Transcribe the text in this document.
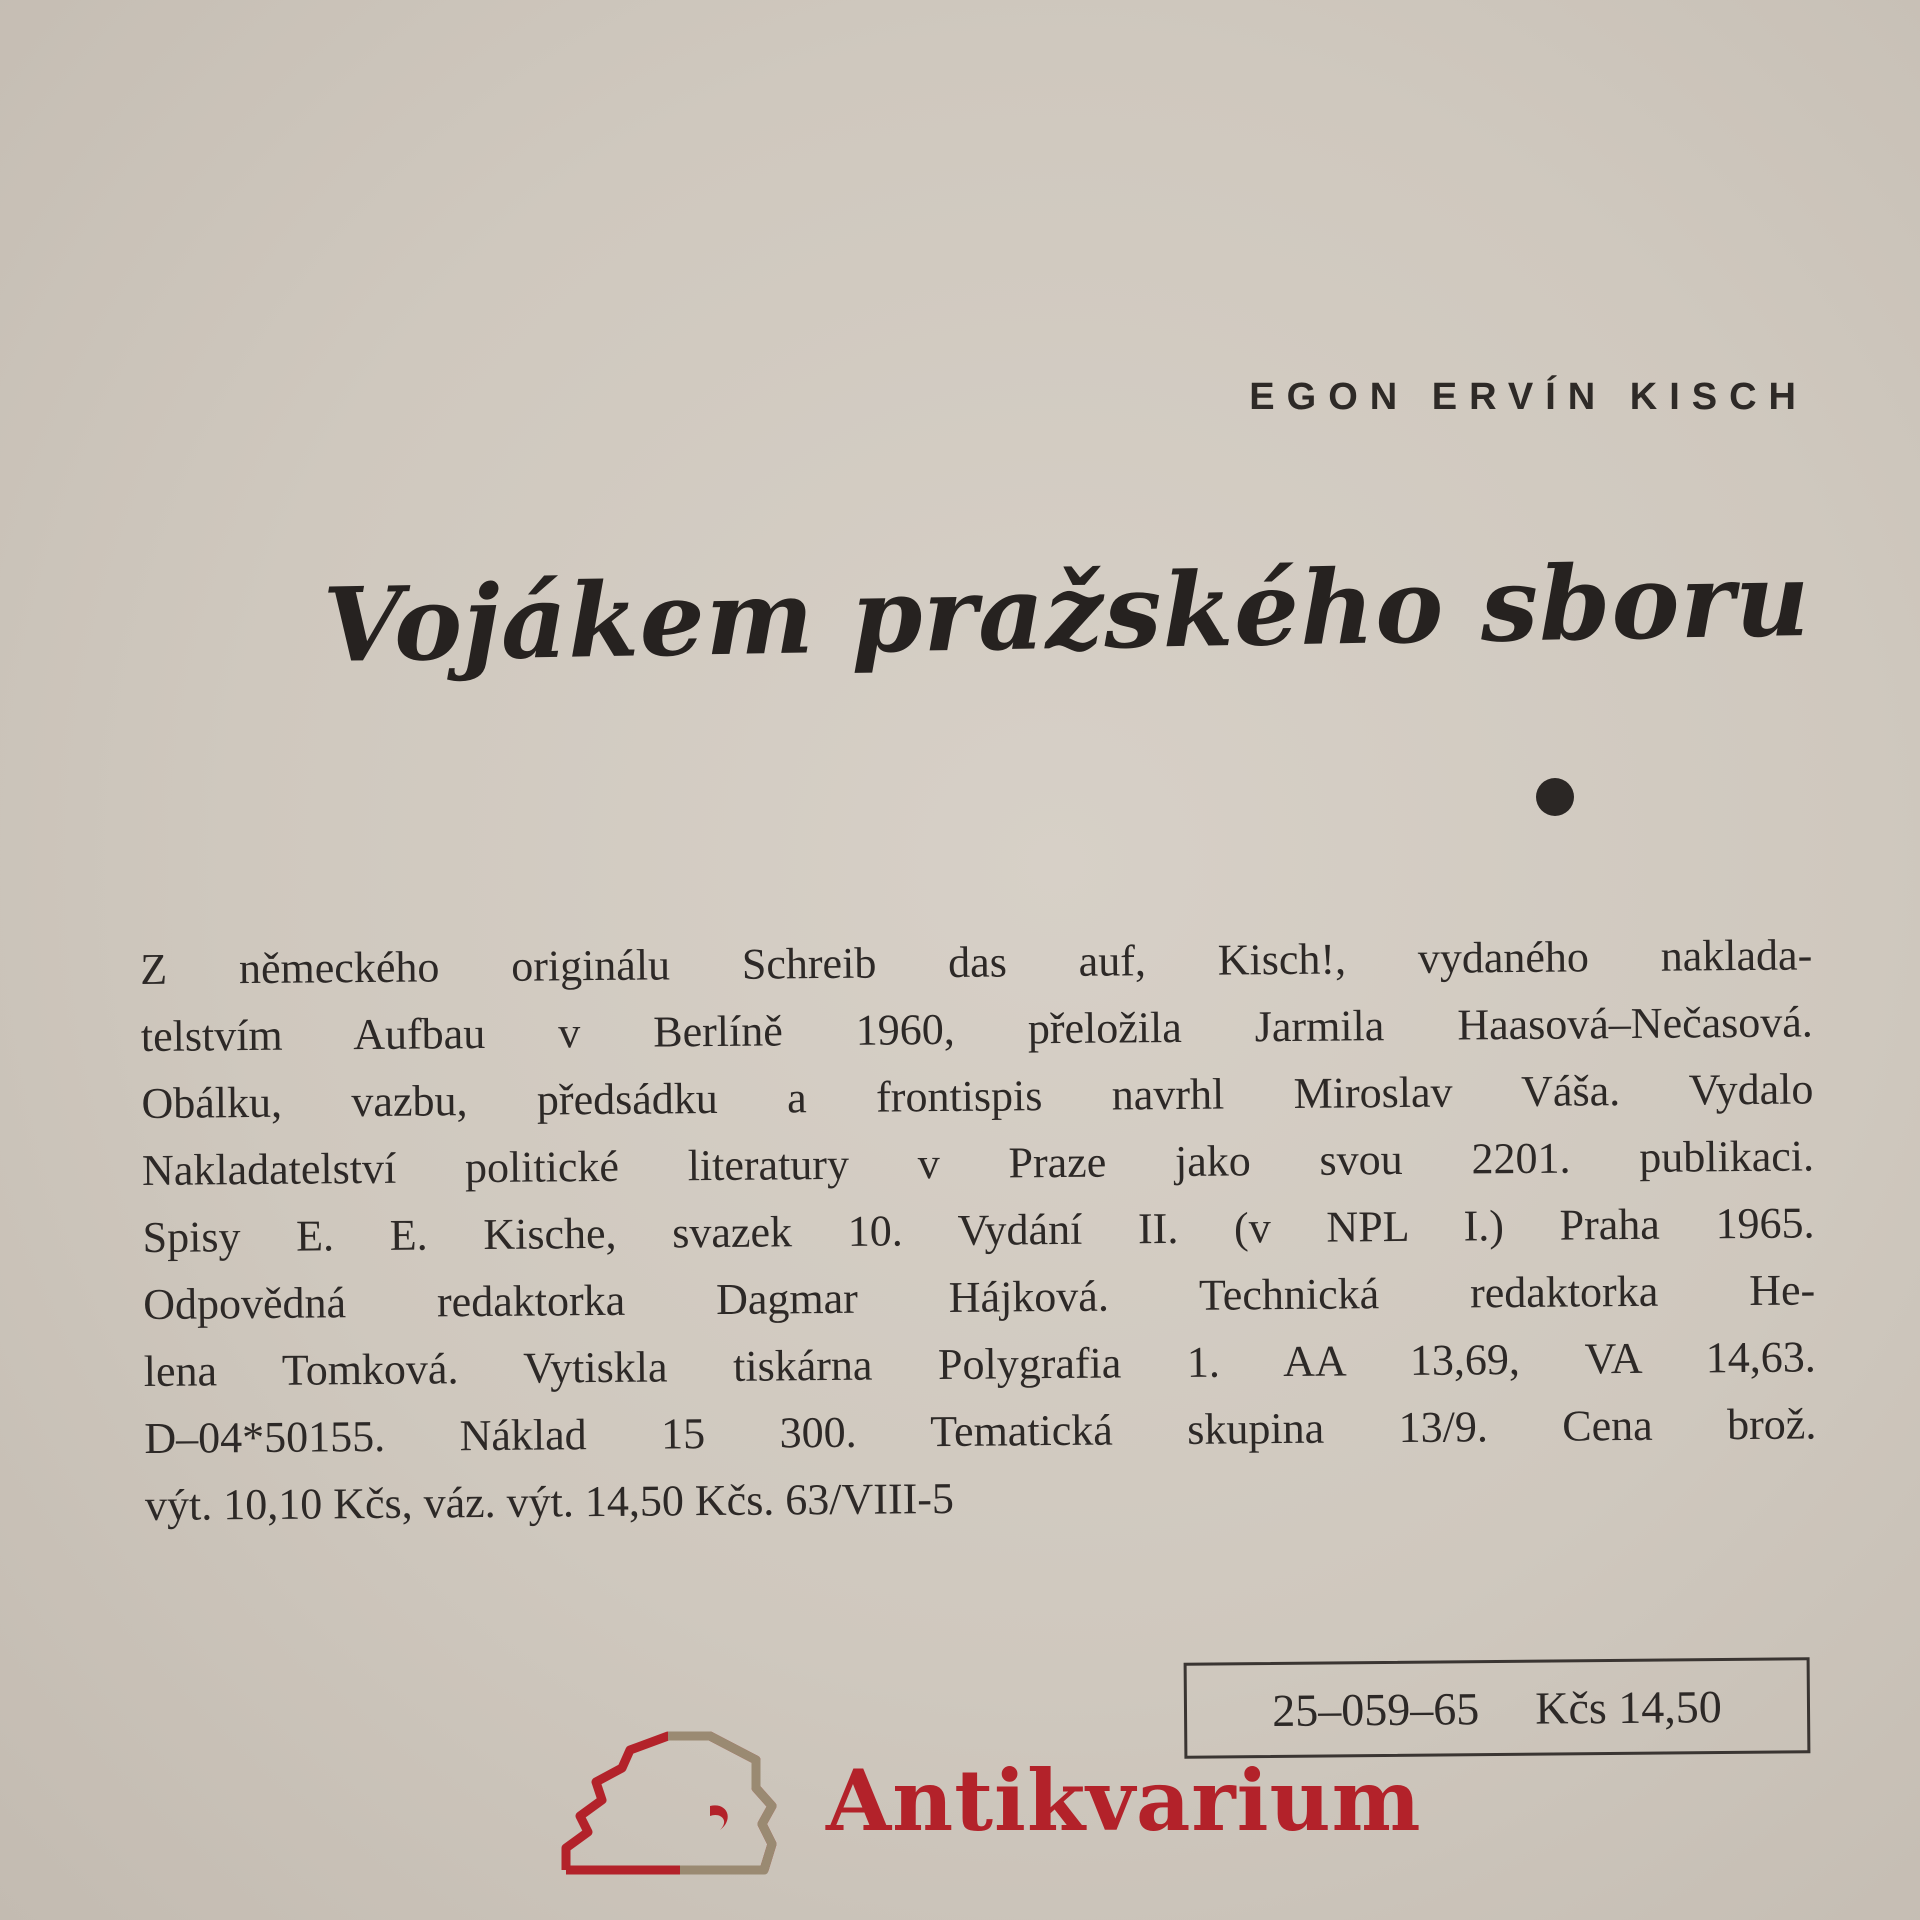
EGON ERVÍN KISCH
Vojákem pražského sboru
Z německého originálu Schreib das auf, Kisch!, vydaného naklada-
telstvím Aufbau v Berlíně 1960, přeložila Jarmila Haasová–Nečasová.
Obálku, vazbu, předsádku a frontispis navrhl Miroslav Váša. Vydalo
Nakladatelství politické literatury v Praze jako svou 2201. publikaci.
Spisy E. E. Kische, svazek 10. Vydání II. (v NPL I.) Praha 1965.
Odpovědná redaktorka Dagmar Hájková. Technická redaktorka He-
lena Tomková. Vytiskla tiskárna Polygrafia 1. AA 13,69, VA 14,63.
D–04*50155. Náklad 15 300. Tematická skupina 13/9. Cena brož.
výt. 10,10 Kčs, váz. výt. 14,50 Kčs. 63/VIII-5
25–059–65 Kčs 14,50
Antikvarium
